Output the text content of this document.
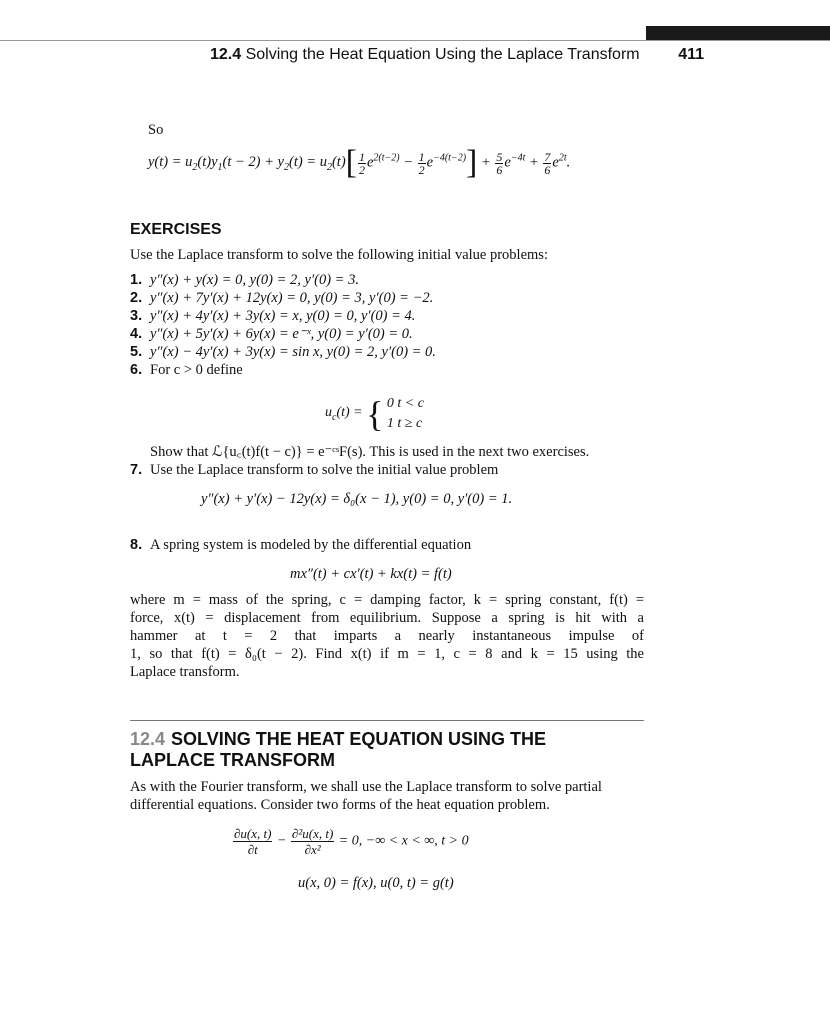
12.4 Solving the Heat Equation Using the Laplace Transform 411
So
$y(t) = u_2(t)y_1(t - 2) + y_2(t) = u_2(t)[ \frac{1}{2} e^{2(t-2)} - \frac{1}{2} e^{-4(t-2)}] + \frac{5}{6} e^{-4t} + \frac{7}{6} e^{2t}$.
EXERCISES
Use the Laplace transform to solve the following initial value problems:
1. y″(x) + y(x) = 0, y(0) = 2, y′(0) = 3.
2. y″(x) + 7y′(x) + 12y(x) = 0, y(0) = 3, y′(0) = −2.
3. y″(x) + 4y′(x) + 3y(x) = x, y(0) = 0, y′(0) = 4.
4. y″(x) + 5y′(x) + 6y(x) = e⁻ˣ, y(0) = y′(0) = 0.
5. y″(x) − 4y′(x) + 3y(x) = sin x, y(0) = 2, y′(0) = 0.
6. For c > 0 define
$u_c(t)$ = { 0 t < c
1 t ≥ c
Show that ℒ{u꜀(t)f(t − c)} = e⁻ᶜˢF(s). This is used in the next two exercises.
7. Use the Laplace transform to solve the initial value problem
y″(x) + y′(x) − 12y(x) = δ₀(x − 1), y(0) = 0, y′(0) = 1.
8. A spring system is modeled by the differential equation
mx″(t) + cx′(t) + kx(t) = f(t)
where m = mass of the spring, c = damping factor, k = spring constant, f(t) =
force, x(t) = displacement from equilibrium. Suppose a spring is hit with a
hammer at t = 2 that imparts a nearly instantaneous impulse of
1, so that f(t) = δ₀(t − 2). Find x(t) if m = 1, c = 8 and k = 15 using the
Laplace transform.
12.4 SOLVING THE HEAT EQUATION USING THE LAPLACE TRANSFORM
As with the Fourier transform, we shall use the Laplace transform to solve partial
differential equations. Consider two forms of the heat equation problem.
$\frac{\partial u(x, t)}{\partial t} - \frac{\text{∂²u(x, t)}}{\text{∂x²}} = 0$, −∞ < x < ∞, t > 0
u(x, 0) = f(x), u(0, t) = g(t)
